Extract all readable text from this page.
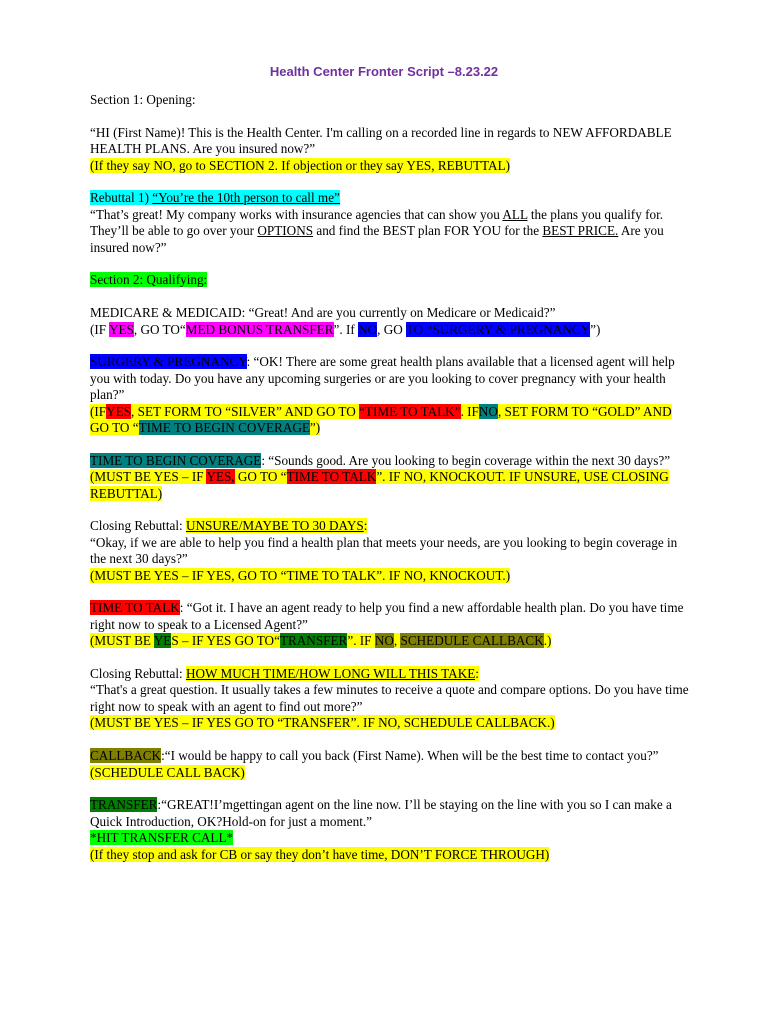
Health Center Fronter Script –8.23.22
Section 1: Opening:
“HI (First Name)! This is the Health Center. I'm calling on a recorded line in regards to NEW AFFORDABLE HEALTH PLANS. Are you insured now?”
(If they say NO, go to SECTION 2. If objection or they say YES, REBUTTAL)
Rebuttal 1) “You’re the 10th person to call me”
“That’s great! My company works with insurance agencies that can show you ALL the plans you qualify for. They’ll be able to go over your OPTIONS and find the BEST plan FOR YOU for the BEST PRICE. Are you insured now?”
Section 2: Qualifying:
MEDICARE & MEDICAID: “Great! And are you currently on Medicare or Medicaid?”
(IF YES, GO TO“MED BONUS TRANSFER”. If NO, GO TO “SURGERY & PREGNANCY”)
SURGERY & PREGNANCY: “OK! There are some great health plans available that a licensed agent will help you with today. Do you have any upcoming surgeries or are you looking to cover pregnancy with your health plan?”
(IFYES, SET FORM TO “SILVER” AND GO TO “TIME TO TALK”. IFNO, SET FORM TO “GOLD” AND GO TO “TIME TO BEGIN COVERAGE”)
TIME TO BEGIN COVERAGE: “Sounds good. Are you looking to begin coverage within the next 30 days?”
(MUST BE YES – IF YES, GO TO “TIME TO TALK”. IF NO, KNOCKOUT. IF UNSURE, USE CLOSING REBUTTAL)
Closing Rebuttal: UNSURE/MAYBE TO 30 DAYS:
“Okay, if we are able to help you find a health plan that meets your needs, are you looking to begin coverage in the next 30 days?”
(MUST BE YES – IF YES, GO TO “TIME TO TALK”. IF NO, KNOCKOUT.)
TIME TO TALK: “Got it. I have an agent ready to help you find a new affordable health plan. Do you have time right now to speak to a Licensed Agent?”
(MUST BE YES – IF YES GO TO“TRANSFER”. IF NO, SCHEDULE CALLBACK.)
Closing Rebuttal: HOW MUCH TIME/HOW LONG WILL THIS TAKE:
“That's a great question. It usually takes a few minutes to receive a quote and compare options. Do you have time right now to speak with an agent to find out more?”
(MUST BE YES – IF YES GO TO “TRANSFER”. IF NO, SCHEDULE CALLBACK.)
CALLBACK:“I would be happy to call you back (First Name). When will be the best time to contact you?”
(SCHEDULE CALL BACK)
TRANSFER:“GREAT!I’mgettingan agent on the line now. I’ll be staying on the line with you so I can make a Quick Introduction, OK?Hold-on for just a moment.”
*HIT TRANSFER CALL*
(If they stop and ask for CB or say they don’t have time, DON’T FORCE THROUGH)
